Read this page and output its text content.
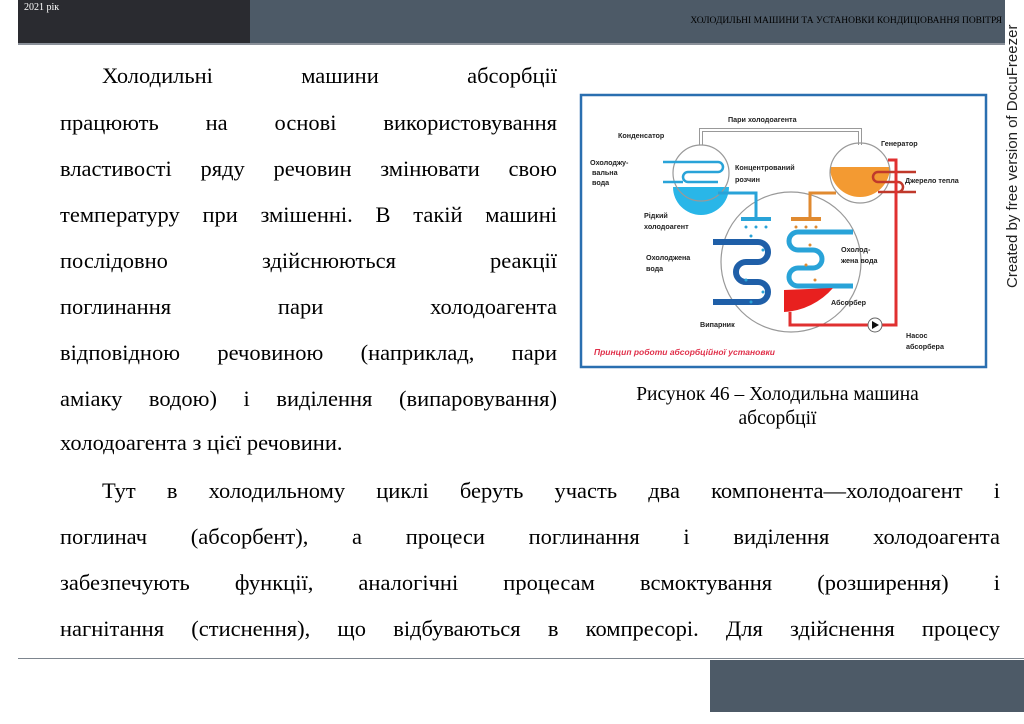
2021 рік
ХОЛОДИЛЬНІ МАШИНИ ТА УСТАНОВКИ КОНДИЦІОВАННЯ ПОВІТРЯ
Created by free version of DocuFreezer
Холодильні машини абсорбції
працюють на основі використовування
властивості ряду речовин змінювати свою
температуру при змішенні. В такій машині
послідовно здійснюються реакції
поглинання пари холодоагента
відповідною речовиною (наприклад, пари
аміаку водою) і виділення (випаровування)
холодоагента з цієї речовини.
Тут в холодильному циклі беруть участь два компонента—холодоагент і
поглинач (абсорбент), а процеси поглинання і виділення холодоагента
забезпечують функції, аналогічні процесам всмоктування (розширення) і
нагнітання (стиснення), що відбуваються в компресорі. Для здійснення процесу
Пари холодоагента
Конденсатор
Генератор
Охолоджу-
вальна
вода
Концентрований
розчин	Джерело тепла
Рідкий
холодоагент
Охолоджена
вода
Охолод-
жена вода
Абсорбер
Випарник
Насос
абсорбера
Принцип роботи абсорбційної установки
Рисунок 46 – Холодильна машина
абсорбції
